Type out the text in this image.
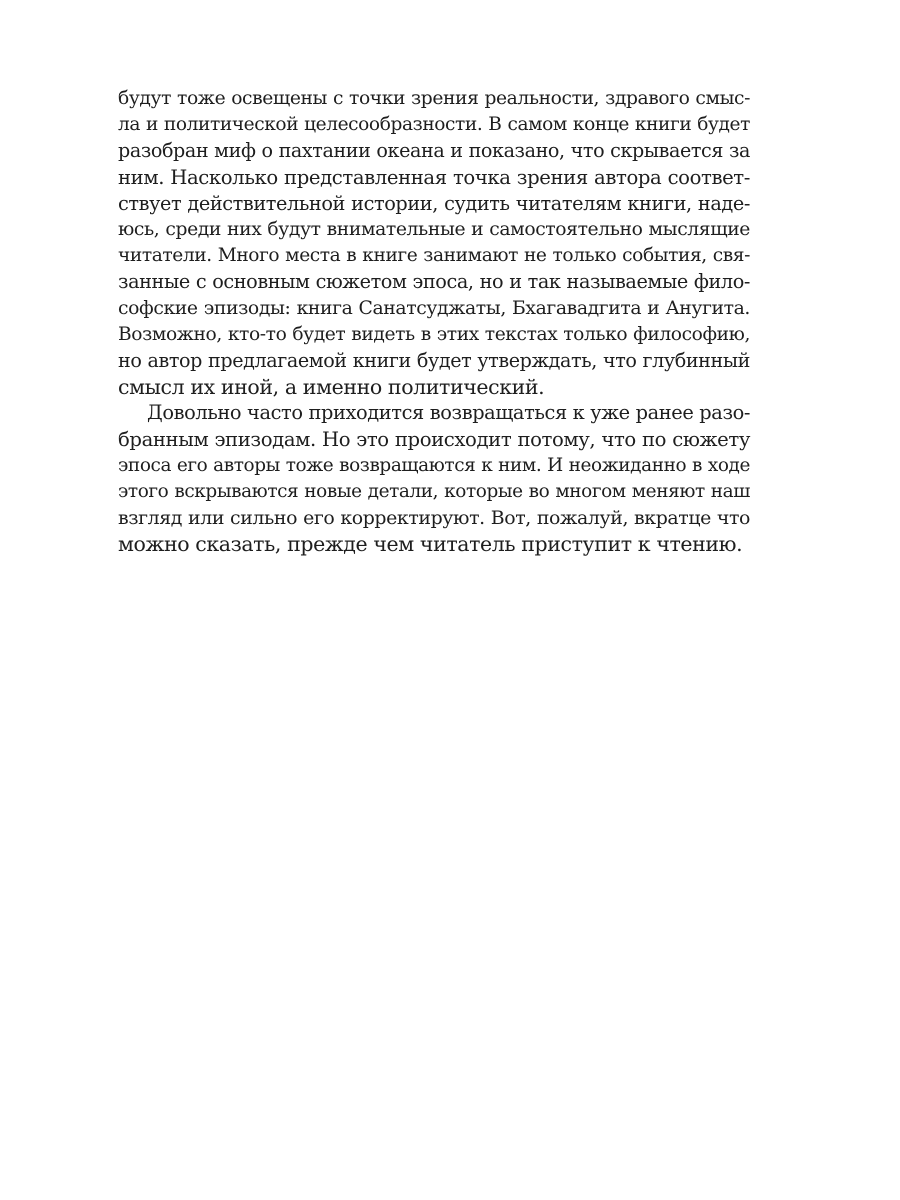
будут тоже освещены с точки зрения реальности, здравого смыс-
ла и политической целесообразности. В самом конце книги будет
разобран миф о пахтании океана и показано, что скрывается за
ним. Насколько представленная точка зрения автора соответ-
ствует действительной истории, судить читателям книги, наде-
юсь, среди них будут внимательные и самостоятельно мыслящие
читатели. Много места в книге занимают не только события, свя-
занные с основным сюжетом эпоса, но и так называемые фило-
софские эпизоды: книга Санатсуджаты, Бхагавадгита и Анугита.
Возможно, кто-то будет видеть в этих текстах только философию,
но автор предлагаемой книги будет утверждать, что глубинный
смысл их иной, а именно политический.
Довольно часто приходится возвращаться к уже ранее разо-
бранным эпизодам. Но это происходит потому, что по сюжету
эпоса его авторы тоже возвращаются к ним. И неожиданно в ходе
этого вскрываются новые детали, которые во многом меняют наш
взгляд или сильно его корректируют. Вот, пожалуй, вкратце что
можно сказать, прежде чем читатель приступит к чтению.
